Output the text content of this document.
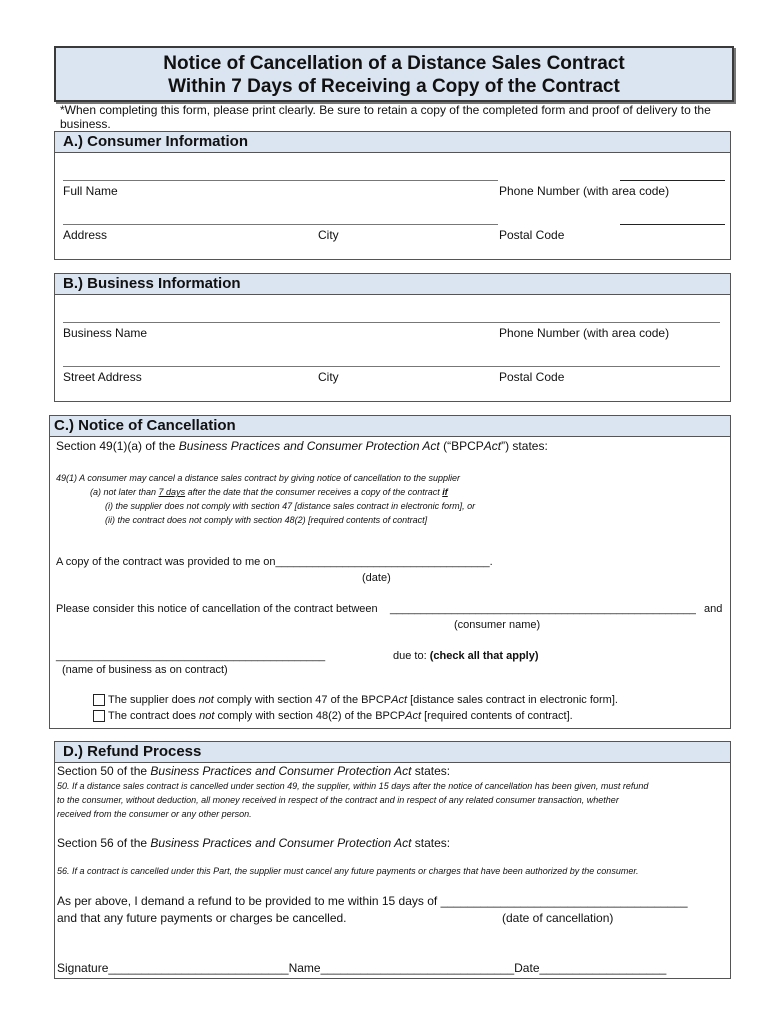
Notice of Cancellation of a Distance Sales Contract
Within 7 Days of Receiving a Copy of the Contract
*When completing this form, please print clearly. Be sure to retain a copy of the completed form and proof of delivery to the business.
A.) Consumer Information
Full Name	Phone Number (with area code)
Address	City	Postal Code
B.) Business Information
Business Name	Phone Number (with area code)
Street Address	City	Postal Code
C.) Notice of Cancellation
Section 49(1)(a) of the Business Practices and Consumer Protection Act (“BPCPAct”) states:
49(1) A consumer may cancel a distance sales contract by giving notice of cancellation to the supplier
(a) not later than 7 days after the date that the consumer receives a copy of the contract if
(i) the supplier does not comply with section 47 [distance sales contract in electronic form], or
(ii) the contract does not comply with section 48(2) [required contents of contract]
A copy of the contract was provided to me on___________________________________.
(date)
Please consider this notice of cancellation of the contract between __________________________________________________ and
(consumer name)
____________________________________________	due to: (check all that apply)
(name of business as on contract)
The supplier does not comply with section 47 of the BPCPAct [distance sales contract in electronic form].
The contract does not comply with section 48(2) of the BPCPAct [required contents of contract].
D.) Refund Process
Section 50 of the Business Practices and Consumer Protection Act states:
50. If a distance sales contract is cancelled under section 49, the supplier, within 15 days after the notice of cancellation has been given, must refund
to the consumer, without deduction, all money received in respect of the contract and in respect of any related consumer transaction, whether
received from the consumer or any other person.
Section 56 of the Business Practices and Consumer Protection Act states:
56. If a contract is cancelled under this Part, the supplier must cancel any future payments or charges that have been authorized by the consumer.
As per above, I demand a refund to be provided to me within 15 days of _____________________________________
and that any future payments or charges be cancelled.	(date of cancellation)
Signature___________________________Name_____________________________Date___________________
